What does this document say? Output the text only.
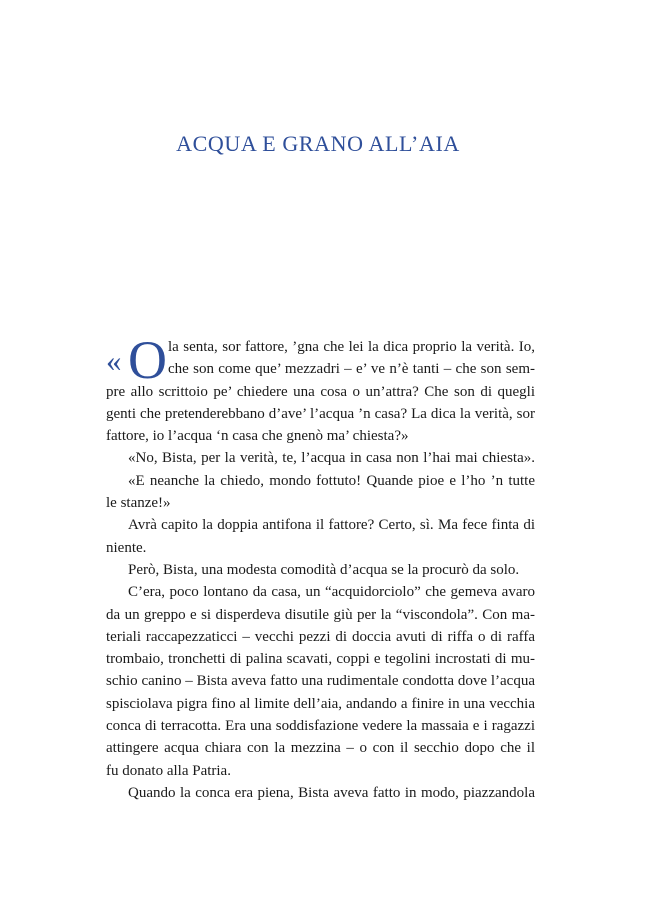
ACQUA E GRANO ALL’AIA
« O la senta, sor fattore, ’gna che lei la dica proprio la verità. Io,
che son come que’ mezzadri – e’ ve n’è tanti – che son sem-
pre allo scrittoio pe’ chiedere una cosa o un’attra? Che son di quegli
genti che pretenderebbano d’ave’ l’acqua ’n casa? La dica la verità, sor
fattore, io l’acqua ‘n casa che gnenò ma’ chiesta?»
«No, Bista, per la verità, te, l’acqua in casa non l’hai mai chiesta».
«E neanche la chiedo, mondo fottuto! Quande pioe e l’ho ’n tutte
le stanze!»
Avrà capito la doppia antifona il fattore? Certo, sì. Ma fece finta di
niente.
Però, Bista, una modesta comodità d’acqua se la procurò da solo.
C’era, poco lontano da casa, un “acquidorciolo” che gemeva avaro
da un greppo e si disperdeva disutile giù per la “viscondola”. Con ma-
teriali raccapezzaticci – vecchi pezzi di doccia avuti di riffa o di raffa
trombaio, tronchetti di palina scavati, coppi e tegolini incrostati di mu-
schio canino – Bista aveva fatto una rudimentale condotta dove l’acqua
spisciolava pigra fino al limite dell’aia, andando a finire in una vecchia
conca di terracotta. Era una soddisfazione vedere la massaia e i ragazzi
attingere acqua chiara con la mezzina – o con il secchio dopo che il
fu donato alla Patria.
Quando la conca era piena, Bista aveva fatto in modo, piazzandola
